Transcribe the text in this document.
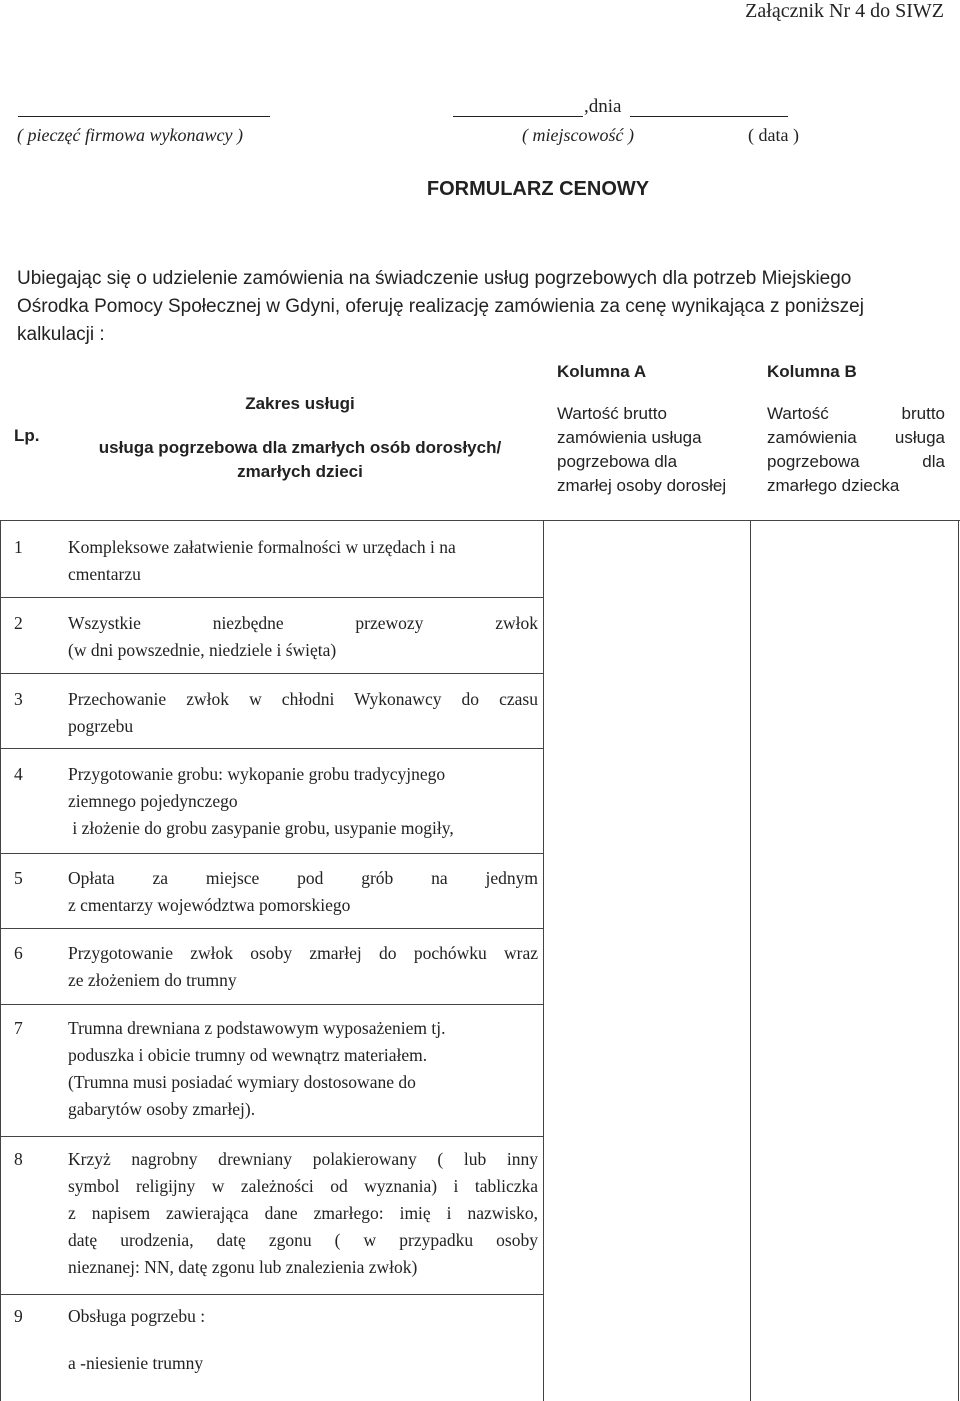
Załącznik Nr 4 do SIWZ
,dnia
( pieczęć firmowa wykonawcy )	( miejscowość )	( data )
FORMULARZ CENOWY
Ubiegając się o udzielenie zamówienia na świadczenie usług pogrzebowych dla potrzeb Miejskiego
Ośrodka Pomocy Społecznej w Gdyni, oferuję realizację zamówienia za cenę wynikająca z poniższej
kalkulacji :
Lp.
Zakres usługi
usługa pogrzebowa dla zmarłych osób dorosłych/
zmarłych dzieci
Kolumna A
Wartość brutto
zamówienia usługa
pogrzebowa dla
zmarłej osoby dorosłej
Kolumna B
Wartość brutto
zamówienia usługa
pogrzebowa dla
zmarłego dziecka
1	Kompleksowe załatwienie formalności w urzędach i na
cmentarzu
2	Wszystkie niezbędne przewozy zwłok
(w dni powszednie, niedziele i święta)
3	Przechowanie zwłok w chłodni Wykonawcy do czasu
pogrzebu
4	Przygotowanie grobu: wykopanie grobu tradycyjnego
ziemnego pojedynczego
i złożenie do grobu zasypanie grobu, usypanie mogiły,
5	Opłata za miejsce pod grób na jednym
z cmentarzy województwa pomorskiego
6	Przygotowanie zwłok osoby zmarłej do pochówku wraz
ze złożeniem do trumny
7	Trumna drewniana z podstawowym wyposażeniem tj.
poduszka i obicie trumny od wewnątrz materiałem.
(Trumna musi posiadać wymiary dostosowane do
gabarytów osoby zmarłej).
8	Krzyż nagrobny drewniany polakierowany ( lub inny
symbol religijny w zależności od wyznania) i tabliczka
z napisem zawierająca dane zmarłego: imię i nazwisko,
datę urodzenia, datę zgonu ( w przypadku osoby
nieznanej: NN, datę zgonu lub znalezienia zwłok)
9	Obsługa pogrzebu :
a -niesienie trumny
